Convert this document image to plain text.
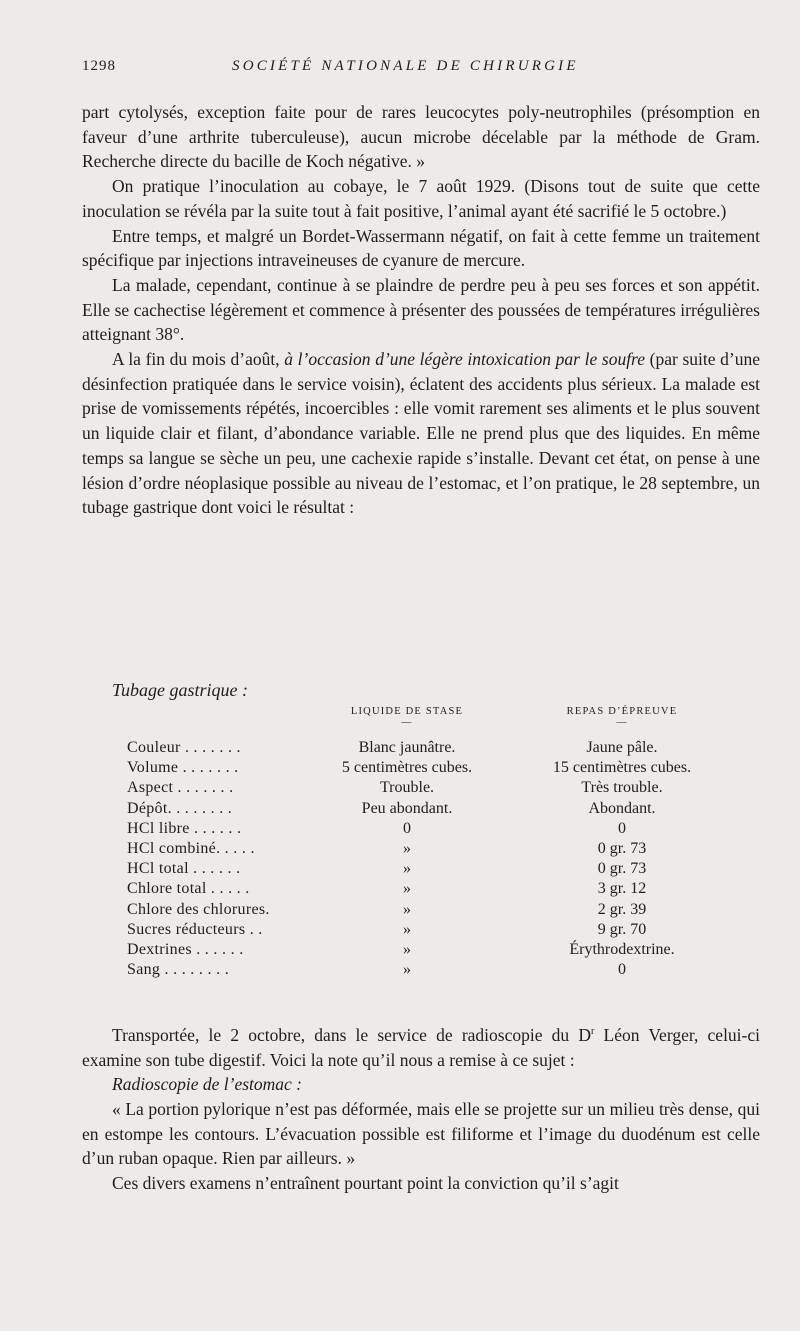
1298	SOCIÉTÉ NATIONALE DE CHIRURGIE

part cytolysés, exception faite pour de rares leucocytes poly-neutrophiles (présomption en faveur d’une arthrite tuberculeuse), aucun microbe décelable par la méthode de Gram. Recherche directe du bacille de Koch négative. »

On pratique l’inoculation au cobaye, le 7 août 1929. (Disons tout de suite que cette inoculation se révéla par la suite tout à fait positive, l’animal ayant été sacrifié le 5 octobre.)

Entre temps, et malgré un Bordet-Wassermann négatif, on fait à cette femme un traitement spécifique par injections intraveineuses de cyanure de mercure.

La malade, cependant, continue à se plaindre de perdre peu à peu ses forces et son appétit. Elle se cachectise légèrement et commence à présenter des poussées de températures irrégulières atteignant 38°.

A la fin du mois d’août, à l’occasion d’une légère intoxication par le soufre (par suite d’une désinfection pratiquée dans le service voisin), éclatent des accidents plus sérieux. La malade est prise de vomissements répétés, incoercibles : elle vomit rarement ses aliments et le plus souvent un liquide clair et filant, d’abondance variable. Elle ne prend plus que des liquides. En même temps sa langue se sèche un peu, une cachexie rapide s’installe. Devant cet état, on pense à une lésion d’ordre néoplasique possible au niveau de l’estomac, et l’on pratique, le 28 septembre, un tubage gastrique dont voici le résultat :

Tubage gastrique :
LIQUIDE DE STASE
—
REPAS D’ÉPREUVE
—
Couleur . . . . . . .	Blanc jaunâtre.	Jaune pâle.
Volume . . . . . . .	5 centimètres cubes.	15 centimètres cubes.
Aspect . . . . . . .	Trouble.	Très trouble.
Dépôt. . . . . . . .	Peu abondant.	Abondant.
HCl libre . . . . . .	0	0
HCl combiné. . . . .	»	0 gr. 73
HCl total . . . . . .	»	0 gr. 73
Chlore total . . . . .	»	3 gr. 12
Chlore des chlorures.	»	2 gr. 39
Sucres réducteurs . .	»	9 gr. 70
Dextrines . . . . . .	»	Érythrodextrine.
Sang . . . . . . . .	»	0

Transportée, le 2 octobre, dans le service de radioscopie du $D^r$ Léon Verger, celui-ci examine son tube digestif. Voici la note qu’il nous a remise à ce sujet :

Radioscopie de l’estomac :

« La portion pylorique n’est pas déformée, mais elle se projette sur un milieu très dense, qui en estompe les contours. L’évacuation possible est filiforme et l’image du duodénum est celle d’un ruban opaque. Rien par ailleurs. »

Ces divers examens n’entraînent pourtant point la conviction qu’il s’agit
